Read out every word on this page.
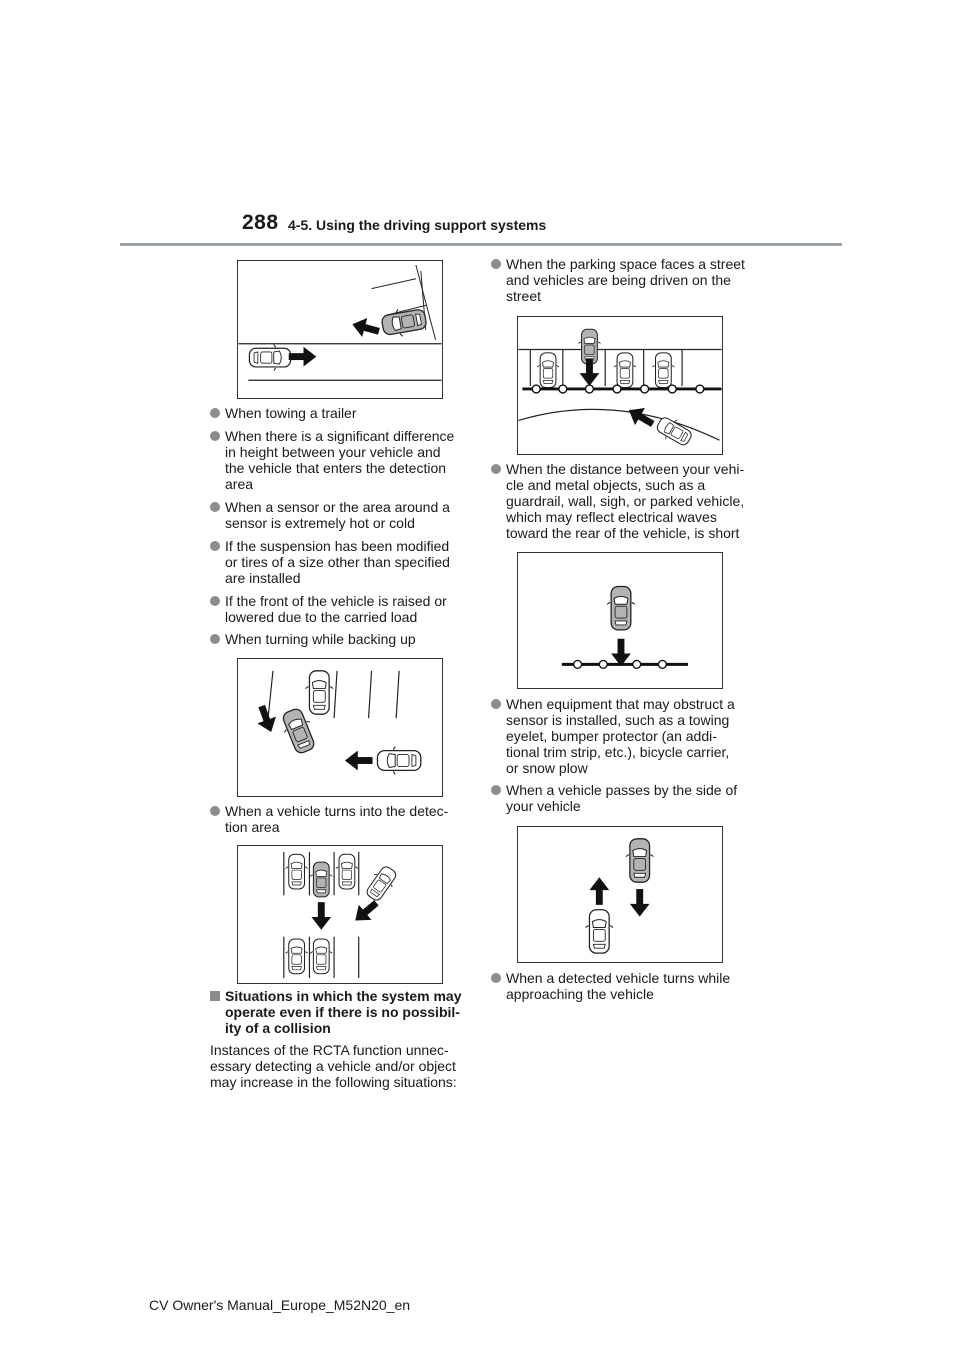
288 4-5. Using the driving support systems
When towing a trailer
When there is a significant difference
in height between your vehicle and
the vehicle that enters the detection
area
When a sensor or the area around a
sensor is extremely hot or cold
If the suspension has been modified
or tires of a size other than specified
are installed
If the front of the vehicle is raised or
lowered due to the carried load
When turning while backing up
When a vehicle turns into the detec-
tion area
Situations in which the system may
operate even if there is no possibil-
ity of a collision
Instances of the RCTA function unnec-
essary detecting a vehicle and/or object
may increase in the following situations:
When the parking space faces a street
and vehicles are being driven on the
street
When the distance between your vehi-
cle and metal objects, such as a
guardrail, wall, sigh, or parked vehicle,
which may reflect electrical waves
toward the rear of the vehicle, is short
When equipment that may obstruct a
sensor is installed, such as a towing
eyelet, bumper protector (an addi-
tional trim strip, etc.), bicycle carrier,
or snow plow
When a vehicle passes by the side of
your vehicle
When a detected vehicle turns while
approaching the vehicle
CV Owner's Manual_Europe_M52N20_en
